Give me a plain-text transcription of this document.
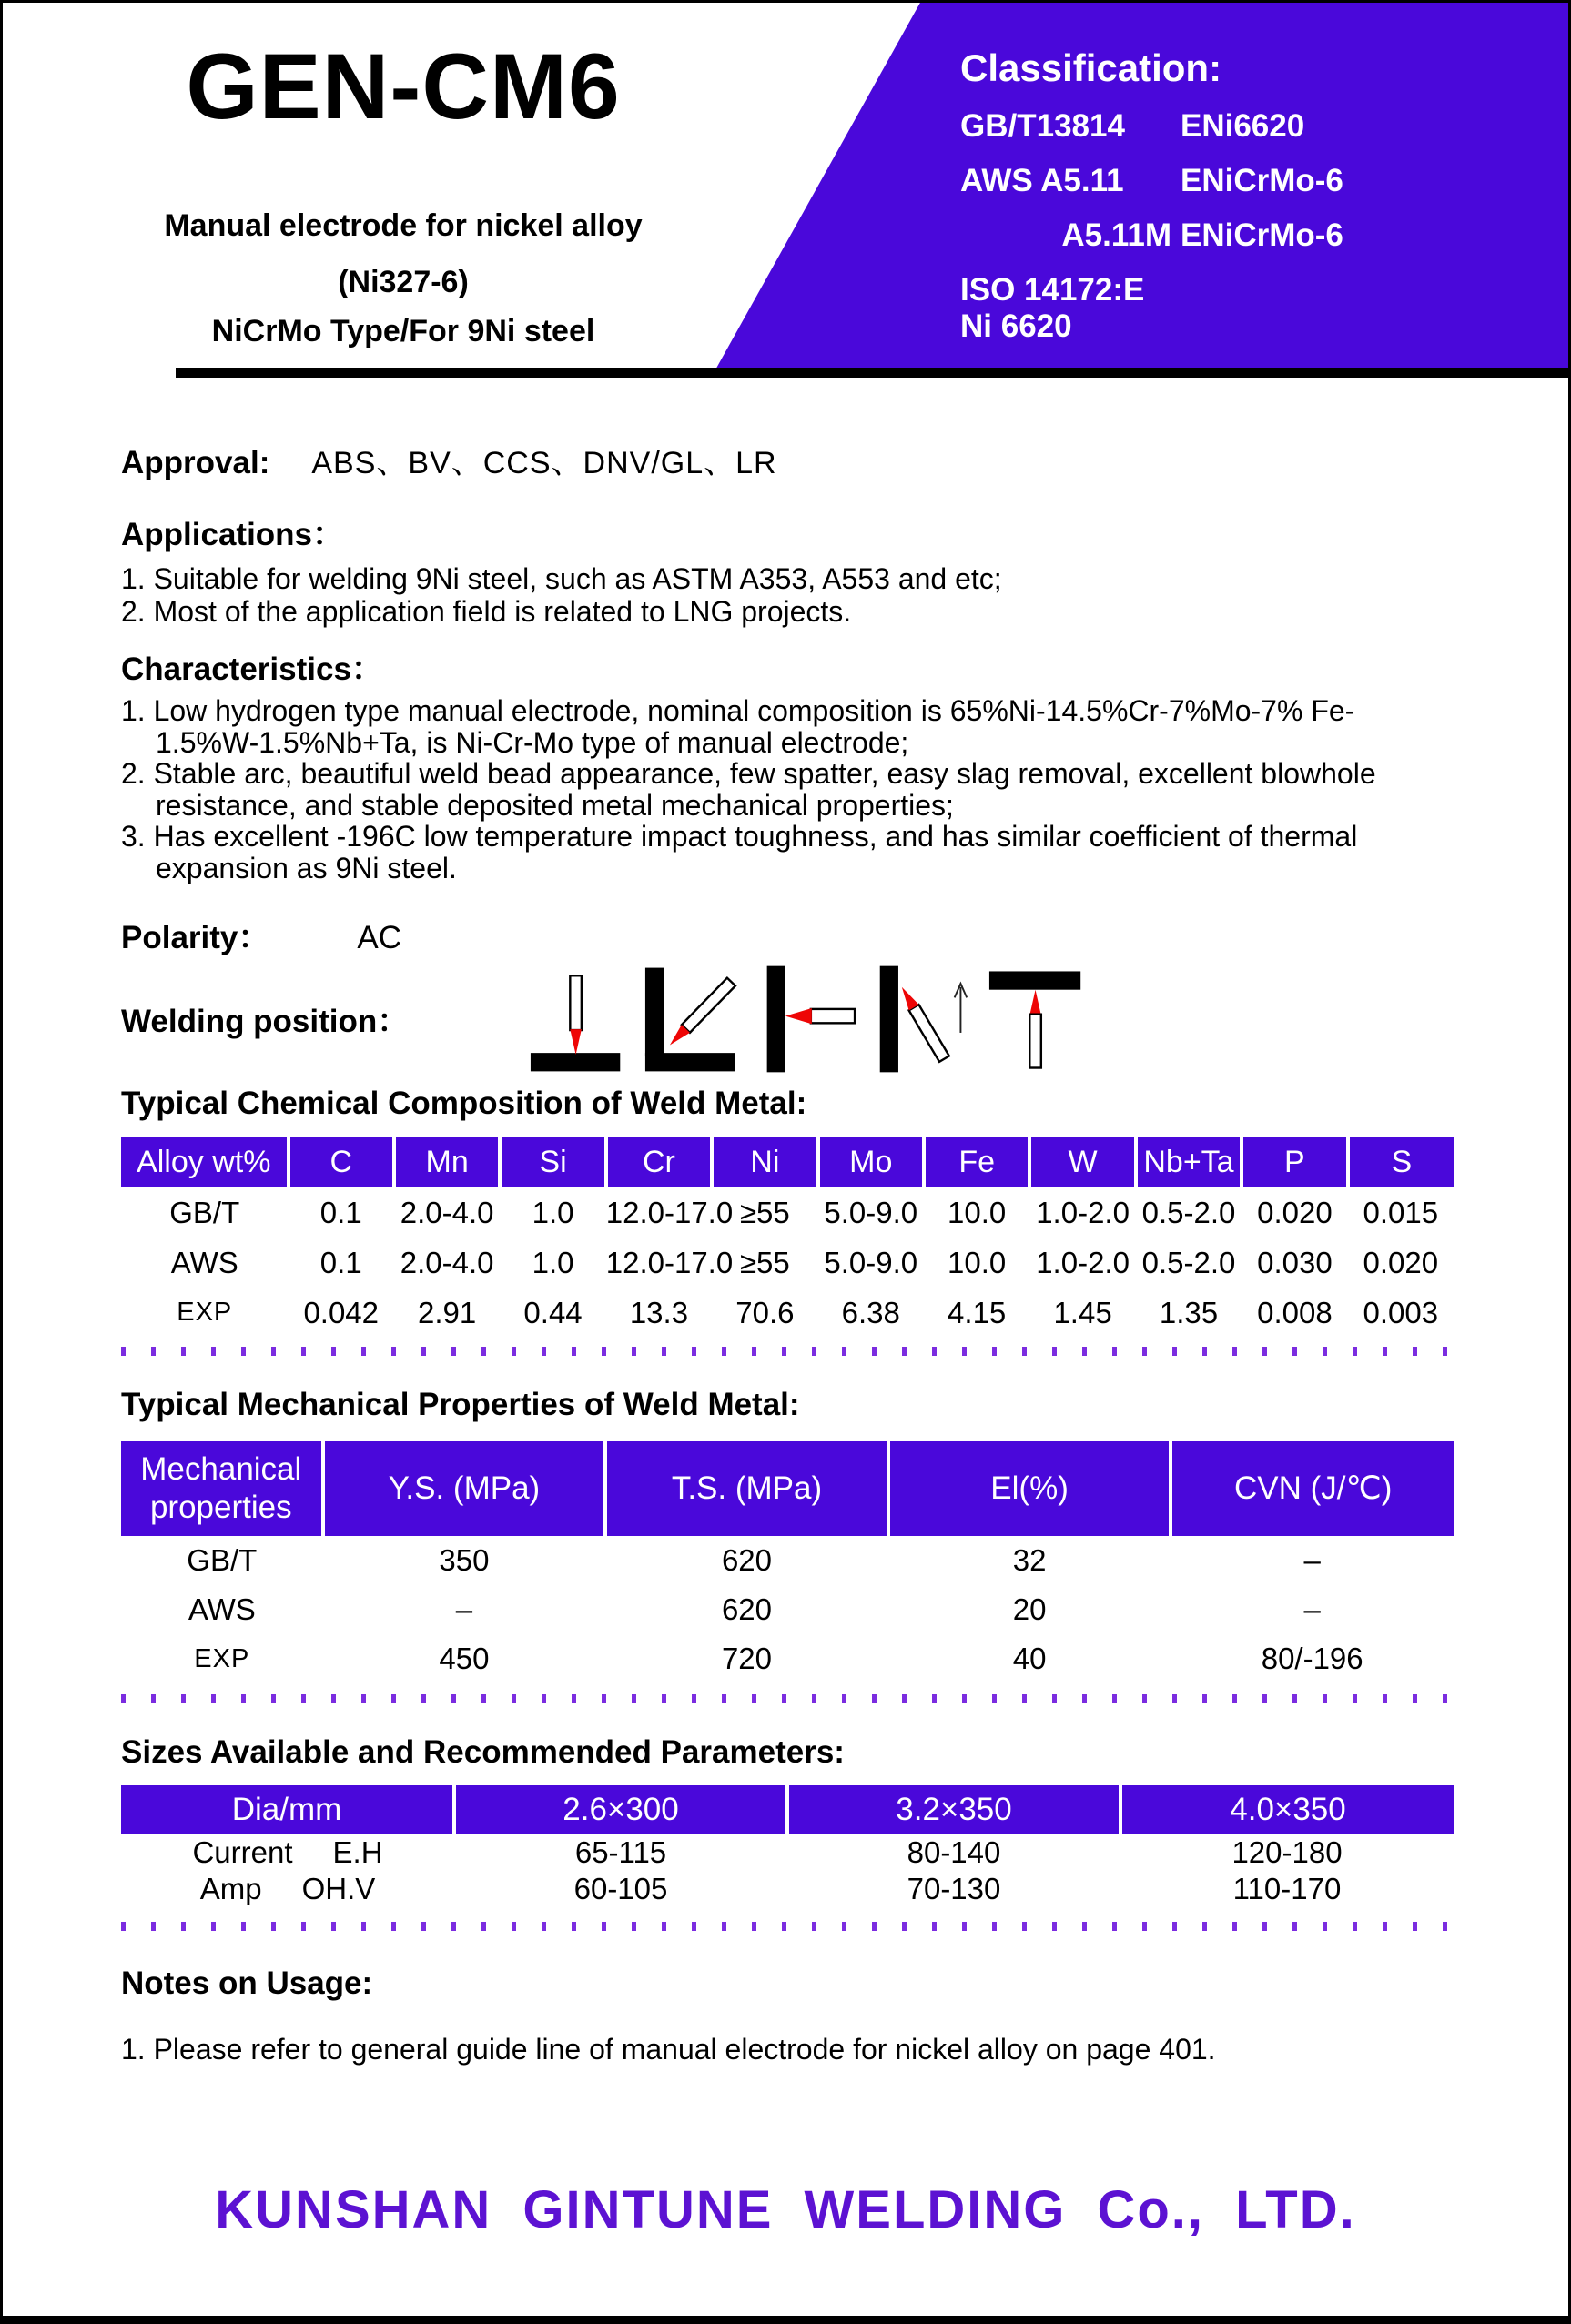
GEN-CM6

Manual electrode for nickel alloy

(Ni327-6)

NiCrMo Type/For 9Ni steel

Classification:

GB/T13814	ENi6620
AWS A5.11	ENiCrMo-6
A5.11M ENiCrMo-6
ISO 14172:E Ni 6620

Approval: ABS、BV、CCS、DNV/GL、LR

Applications：

1. Suitable for welding 9Ni steel, such as ASTM A353, A553 and etc;

2. Most of the application field is related to LNG projects.

Characteristics：

1. Low hydrogen type manual electrode, nominal composition is 65%Ni-14.5%Cr-7%Mo-7% Fe-1.5%W-1.5%Nb+Ta, is Ni-Cr-Mo type of manual electrode;

2. Stable arc, beautiful weld bead appearance, few spatter, easy slag removal, excellent blowhole resistance, and stable deposited metal mechanical properties;

3. Has excellent -196C low temperature impact toughness, and has similar coefficient of thermal expansion as 9Ni steel.

Polarity：	AC

Welding position：

Typical Chemical Composition of Weld Metal:

Alloy wt%	C	Mn	Si	Cr	Ni	Mo	Fe	W	Nb+Ta	P	S
GB/T	0.1	2.0-4.0	1.0	12.0-17.0	≥55	5.0-9.0	10.0	1.0-2.0	0.5-2.0	0.020	0.015
AWS	0.1	2.0-4.0	1.0	12.0-17.0	≥55	5.0-9.0	10.0	1.0-2.0	0.5-2.0	0.030	0.020
EXP	0.042	2.91	0.44	13.3	70.6	6.38	4.15	1.45	1.35	0.008	0.003

Typical Mechanical Properties of Weld Metal:

Mechanical properties	Y.S. (MPa)	T.S. (MPa)	El(%)	CVN (J/℃)
GB/T	350	620	32	–
AWS	–	620	20	–
EXP	450	720	40	80/-196

Sizes Available and Recommended Parameters:

Dia/mm	2.6×300	3.2×350	4.0×350

Current E.H	65-115	80-140	120-180

Amp OH.V	60-105	70-130	110-170

Notes on Usage:

1. Please refer to general guide line of manual electrode for nickel alloy on page 401.

KUNSHAN GINTUNE WELDING Co., LTD.
